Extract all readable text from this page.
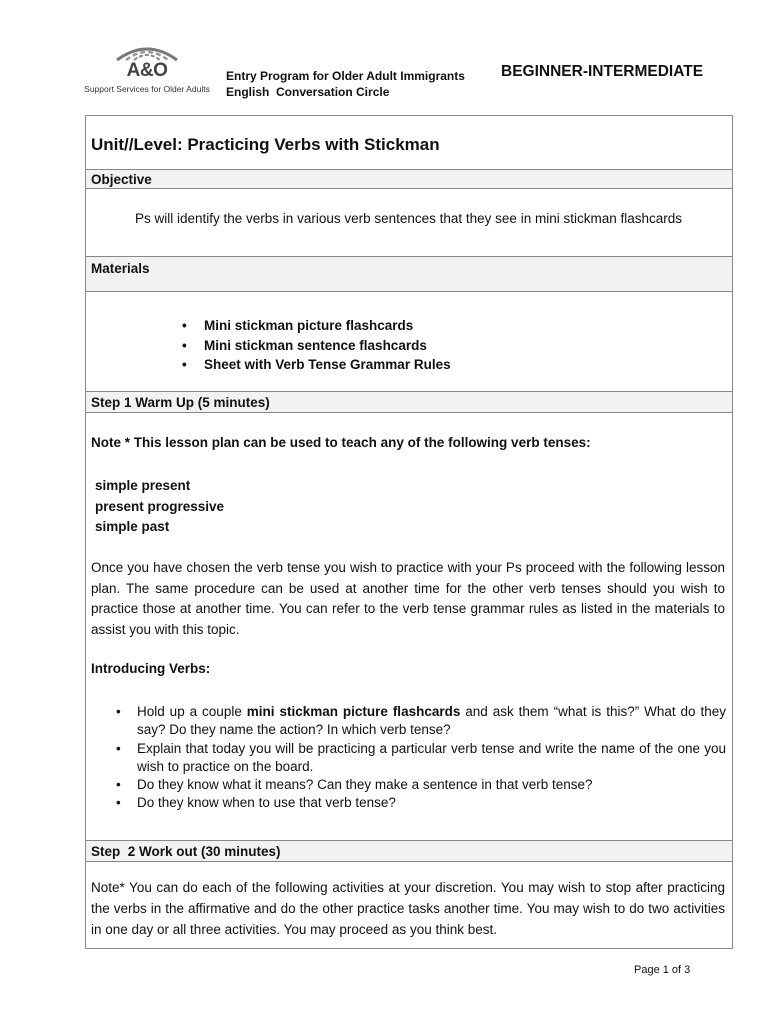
A&O
Support Services for Older Adults
Entry Program for Older Adult Immigrants
English  Conversation Circle
BEGINNER-INTERMEDIATE
Unit//Level: Practicing Verbs with Stickman
Objective
Ps will identify the verbs in various verb sentences that they see in mini stickman flashcards
Materials
• Mini stickman picture flashcards
• Mini stickman sentence flashcards
• Sheet with Verb Tense Grammar Rules
Step 1 Warm Up (5 minutes)
Note * This lesson plan can be used to teach any of the following verb tenses:
simple present
present progressive
simple past
Once you have chosen the verb tense you wish to practice with your Ps proceed with the following lesson plan. The same procedure can be used at another time for the other verb tenses should you wish to practice those at another time. You can refer to the verb tense grammar rules as listed in the materials to assist you with this topic.
Introducing Verbs:
• Hold up a couple mini stickman picture flashcards and ask them “what is this?” What do they say? Do they name the action? In which verb tense?
• Explain that today you will be practicing a particular verb tense and write the name of the one you wish to practice on the board.
• Do they know what it means? Can they make a sentence in that verb tense?
• Do they know when to use that verb tense?
Step  2 Work out (30 minutes)
Note* You can do each of the following activities at your discretion. You may wish to stop after practicing the verbs in the affirmative and do the other practice tasks another time. You may wish to do two activities in one day or all three activities. You may proceed as you think best.
Page 1 of 3
